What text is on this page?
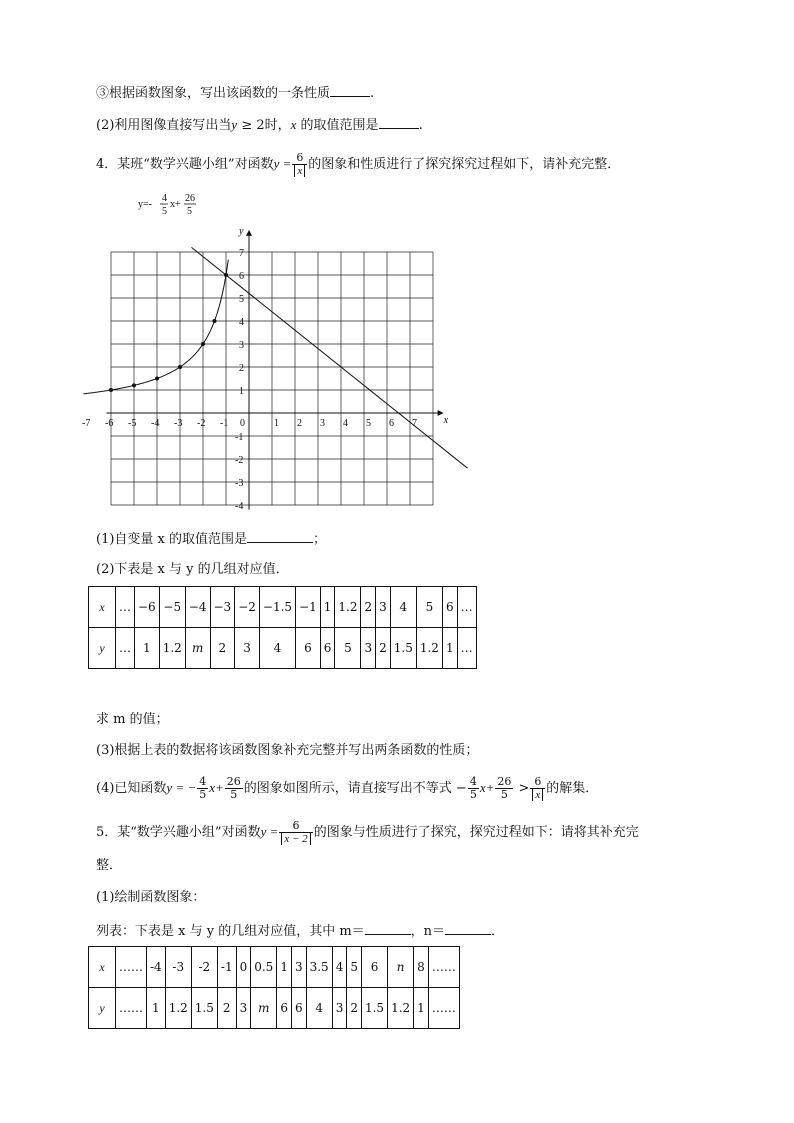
③根据函数图象，写出该函数的一条性质	.
(2)利用图像直接写出当y ≥ 2时，x 的取值范围是	.
4．某班“数学兴趣小组”对函数$y = \frac{6}{x}$ 的图象和性质进行了探究探究过程如下，请补充完整．
x
y
-7 -6 -5 -4 -3 -2 -1 0	1 2 3 4 5 6 7
7
6
5
4
3
2
1
-1
-2
-3
-4
y=-
4
5
x+
26
5
(1)自变量 x 的取值范围是	；
(2)下表是 x 与 y 的几组对应值．
x	…	−6	−5	−4	−3	−2	−1.5	−1	1	1.2	2	3	4	5	6	…
y	…	1	1.2	m	2	3	4	6	6	5	3	2	1.5	1.2	1	…
求 m 的值；
(3)根据上表的数据将该函数图象补充完整并写出两条函数的性质；
(4)已知函数y = − $\frac{4}{5} x+ \frac{26}{5}$ 的图象如图所示，请直接写出不等式 − $\frac{4}{5} x+ \frac{26}{5} > \frac{6}{x}$ 的解集．
5．某“数学兴趣小组”对函数$y = \frac{6}{x - 2}$ 的图象与性质进行了探究，探究过程如下：请将其补充完
整．
(1)绘制函数图象：
列表：下表是 x 与 y 的几组对应值，其中 m＝	，n＝	．
x	……	-4	-3	-2	-1	0	0.5	1	3	3.5	4	5	6	n	8	……
y	……	1	1.2	1.5	2	3	m	6	6	4	3	2	1.5	1.2	1	……
